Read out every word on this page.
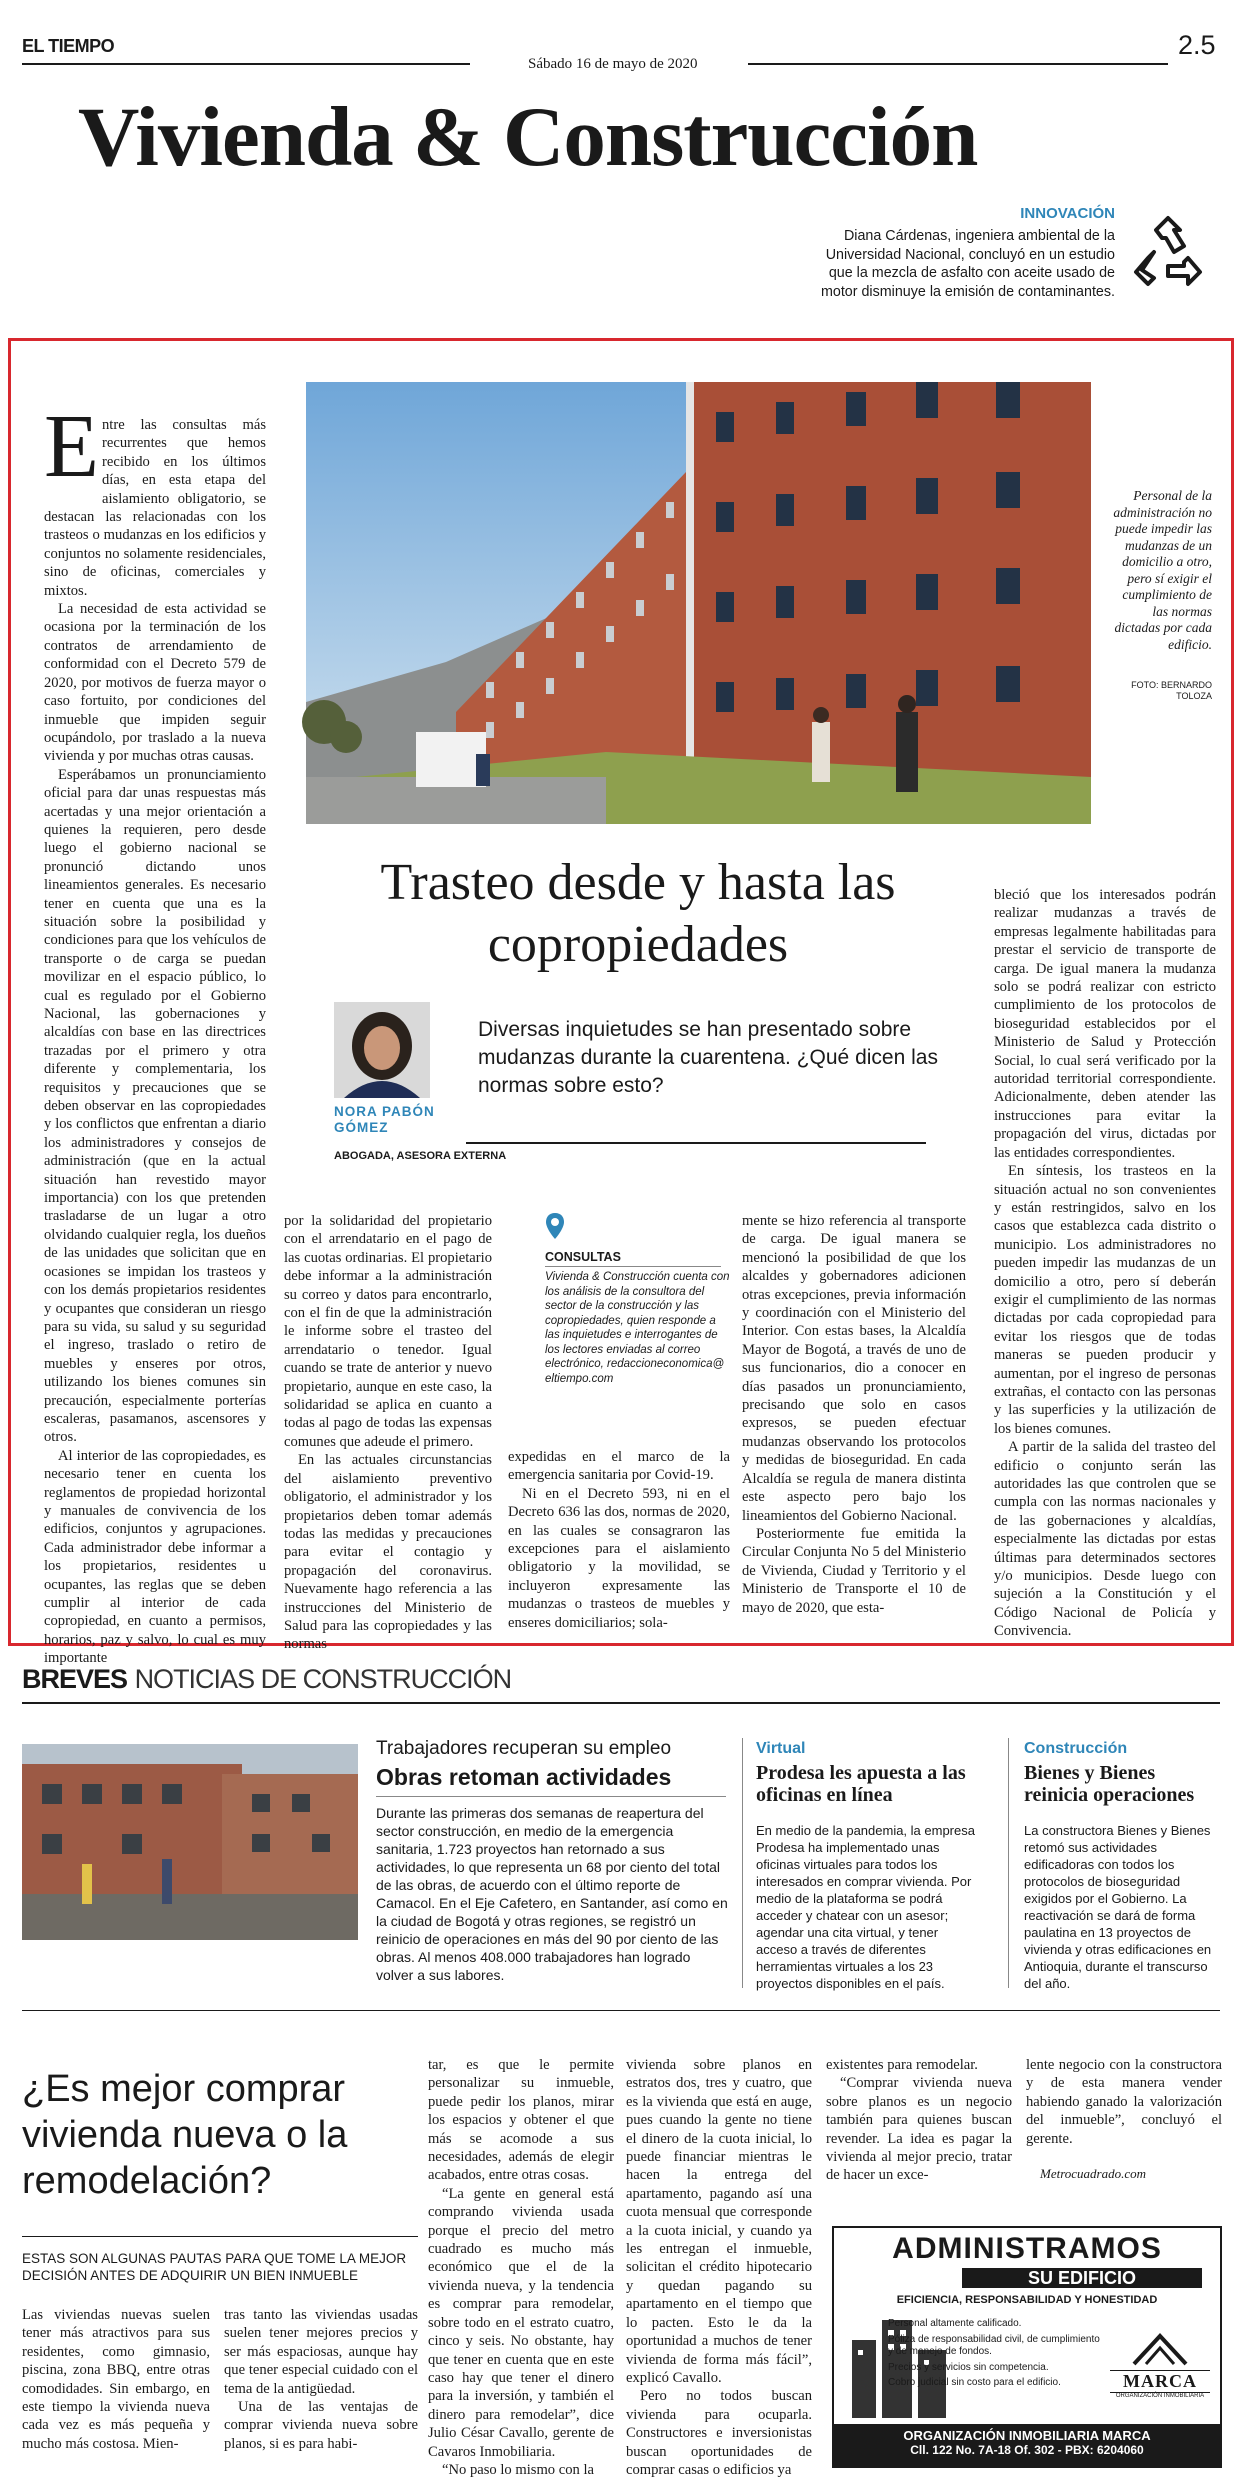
EL TIEMPO
Sábado 16 de mayo de 2020
2.5
Vivienda & Construcción
INNOVACIÓN
Diana Cárdenas, ingeniera ambiental de la Universidad Nacional, concluyó en un estudio que la mezcla de asfalto con aceite usado de motor disminuye la emisión de contaminantes.
E ntre las consultas más recurrentes que hemos recibido en los últimos días, en esta etapa del aislamiento obligatorio, se destacan las relacionadas con los trasteos o mudanzas en los edificios y conjuntos no solamente residenciales, sino de oficinas, comerciales y mixtos.

La necesidad de esta actividad se ocasiona por la terminación de los contratos de arrendamiento de conformidad con el Decreto 579 de 2020, por motivos de fuerza mayor o caso fortuito, por condiciones del inmueble que impiden seguir ocupándolo, por traslado a la nueva vivienda y por muchas otras causas.

Esperábamos un pronunciamiento oficial para dar unas respuestas más acertadas y una mejor orientación a quienes la requieren, pero desde luego el gobierno nacional se pronunció dictando unos lineamientos generales. Es necesario tener en cuenta que una es la situación sobre la posibilidad y condiciones para que los vehículos de transporte o de carga se puedan movilizar en el espacio público, lo cual es regulado por el Gobierno Nacional, las gobernaciones y alcaldías con base en las directrices trazadas por el primero y otra diferente y complementaria, los requisitos y precauciones que se deben observar en las copropiedades y los conflictos que enfrentan a diario los administradores y consejos de administración (que en la actual situación han revestido mayor importancia) con los que pretenden trasladarse de un lugar a otro olvidando cualquier regla, los dueños de las unidades que solicitan que en ocasiones se impidan los trasteos y con los demás propietarios residentes y ocupantes que consideran un riesgo para su vida, su salud y su seguridad el ingreso, traslado o retiro de muebles y enseres por otros, utilizando los bienes comunes sin precaución, especialmente porterías escaleras, pasamanos, ascensores y otros.

Al interior de las copropiedades, es necesario tener en cuenta los reglamentos de propiedad horizontal y manuales de convivencia de los edificios, conjuntos y agrupaciones. Cada administrador debe informar a los propietarios, residentes u ocupantes, las reglas que se deben cumplir al interior de cada copropiedad, en cuanto a permisos, horarios, paz y salvo, lo cual es muy importante

Personal de la administración no puede impedir las mudanzas de un domicilio a otro, pero sí exigir el cumplimiento de las normas dictadas por cada edificio.
FOTO: BERNARDO TOLOZA
Trasteo desde y hasta las copropiedades
NORA PABÓN GÓMEZ
ABOGADA, ASESORA EXTERNA
Diversas inquietudes se han presentado sobre mudanzas durante la cuarentena. ¿Qué dicen las normas sobre esto?

por la solidaridad del propietario con el arrendatario en el pago de las cuotas ordinarias. El propietario debe informar a la administración su correo y datos para encontrarlo, con el fin de que la administración le informe sobre el trasteo del arrendatario o tenedor. Igual cuando se trate de anterior y nuevo propietario, aunque en este caso, la solidaridad se aplica en cuanto a todas al pago de todas las expensas comunes que adeude el primero.

En las actuales circunstancias del aislamiento preventivo obligatorio, el administrador y los propietarios deben tomar además todas las medidas y precauciones para evitar el contagio y propagación del coronavirus. Nuevamente hago referencia a las instrucciones del Ministerio de Salud para las copropiedades y las normas

CONSULTAS
Vivienda & Construcción cuenta con los análisis de la consultora del sector de la construcción y las copropiedades, quien responde a las inquietudes e interrogantes de los lectores enviadas al correo electrónico, redaccioneconomica@ eltiempo.com

expedidas en el marco de la emergencia sanitaria por Covid-19.

Ni en el Decreto 593, ni en el Decreto 636 las dos, normas de 2020, en las cuales se consagraron las excepciones para el aislamiento obligatorio y la movilidad, se incluyeron expresamente las mudanzas o trasteos de muebles y enseres domiciliarios; sola-

mente se hizo referencia al transporte de carga. De igual manera se mencionó la posibilidad de que los alcaldes y gobernadores adicionen otras excepciones, previa información y coordinación con el Ministerio del Interior. Con estas bases, la Alcaldía Mayor de Bogotá, a través de uno de sus funcionarios, dio a conocer en días pasados un pronunciamiento, precisando que solo en casos expresos, se pueden efectuar mudanzas observando los protocolos y medidas de bioseguridad. En cada Alcaldía se regula de manera distinta este aspecto pero bajo los lineamientos del Gobierno Nacional.

Posteriormente fue emitida la Circular Conjunta No 5 del Ministerio de Vivienda, Ciudad y Territorio y el Ministerio de Transporte el 10 de mayo de 2020, que esta-

bleció que los interesados podrán realizar mudanzas a través de empresas legalmente habilitadas para prestar el servicio de transporte de carga. De igual manera la mudanza solo se podrá realizar con estricto cumplimiento de los protocolos de bioseguridad establecidos por el Ministerio de Salud y Protección Social, lo cual será verificado por la autoridad territorial correspondiente. Adicionalmente, deben atender las instrucciones para evitar la propagación del virus, dictadas por las entidades correspondientes.

En síntesis, los trasteos en la situación actual no son convenientes y están restringidos, salvo en los casos que establezca cada distrito o municipio. Los administradores no pueden impedir las mudanzas de un domicilio a otro, pero sí deberán exigir el cumplimiento de las normas dictadas por cada copropiedad para evitar los riesgos que de todas maneras se pueden producir y aumentan, por el ingreso de personas extrañas, el contacto con las personas y las superficies y la utilización de los bienes comunes.

A partir de la salida del trasteo del edificio o conjunto serán las autoridades las que controlen que se cumpla con las normas nacionales y de las gobernaciones y alcaldías, especialmente las dictadas por estas últimas para determinados sectores y/o municipios. Desde luego con sujeción a la Constitución y el Código Nacional de Policía y Convivencia.

BREVES NOTICIAS DE CONSTRUCCIÓN
Trabajadores recuperan su empleo
Obras retoman actividades
Durante las primeras dos semanas de reapertura del sector construcción, en medio de la emergencia sanitaria, 1.723 proyectos han retornado a sus actividades, lo que representa un 68 por ciento del total de las obras, de acuerdo con el último reporte de Camacol. En el Eje Cafetero, en Santander, así como en la ciudad de Bogotá y otras regiones, se registró un reinicio de operaciones en más del 90 por ciento de las obras. Al menos 408.000 trabajadores han logrado volver a sus labores.
Virtual
Prodesa les apuesta a las oficinas en línea
En medio de la pandemia, la empresa Prodesa ha implementado unas oficinas virtuales para todos los interesados en comprar vivienda. Por medio de la plataforma se podrá acceder y chatear con un asesor; agendar una cita virtual, y tener acceso a través de diferentes herramientas virtuales a los 23 proyectos disponibles en el país.
Construcción
Bienes y Bienes reinicia operaciones
La constructora Bienes y Bienes retomó sus actividades edificadoras con todos los protocolos de bioseguridad exigidos por el Gobierno. La reactivación se dará de forma paulatina en 13 proyectos de vivienda y otras edificaciones en Antioquia, durante el transcurso del año.
¿Es mejor comprar vivienda nueva o la remodelación?
ESTAS SON ALGUNAS PAUTAS PARA QUE TOME LA MEJOR DECISIÓN ANTES DE ADQUIRIR UN BIEN INMUEBLE

Las viviendas nuevas suelen tener más atractivos para sus residentes, como gimnasio, piscina, zona BBQ, entre otras comodidades. Sin embargo, en este tiempo la vivienda nueva cada vez es más pequeña y mucho más costosa. Mien-

tras tanto las viviendas usadas suelen tener mejores precios y ser más espaciosas, aunque hay que tener especial cuidado con el tema de la antigüedad.

Una de las ventajas de comprar vivienda nueva sobre planos, si es para habi-

tar, es que le permite personalizar su inmueble, puede pedir los planos, mirar los espacios y obtener el que más se acomode a sus necesidades, además de elegir acabados, entre otras cosas.

“La gente en general está comprando vivienda usada porque el precio del metro cuadrado es mucho más económico que el de la vivienda nueva, y la tendencia es comprar para remodelar, sobre todo en el estrato cuatro, cinco y seis. No obstante, hay que tener en cuenta que en este caso hay que tener el dinero para la inversión, y también el dinero para remodelar”, dice Julio César Cavallo, gerente de Cavaros Inmobiliaria.

“No paso lo mismo con la

vivienda sobre planos en estratos dos, tres y cuatro, que es la vivienda que está en auge, pues cuando la gente no tiene el dinero de la cuota inicial, lo puede financiar mientras le hacen la entrega del apartamento, pagando así una cuota mensual que corresponde a la cuota inicial, y cuando ya les entregan el inmueble, solicitan el crédito hipotecario y quedan pagando su apartamento en el tiempo que lo pacten. Esto le da la oportunidad a muchos de tener vivienda de forma más fácil”, explicó Cavallo.

Pero no todos buscan vivienda para ocuparla. Constructores e inversionistas buscan oportunidades de comprar casas o edificios ya

existentes para remodelar.

“Comprar vivienda nueva sobre planos es un negocio también para quienes buscan revender. La idea es pagar la vivienda al mejor precio, tratar de hacer un exce-

lente negocio con la constructora y de esta manera vender habiendo ganado la valorización del inmueble”, concluyó el gerente.

Metrocuadrado.com
ADMINISTRAMOS
SU EDIFICIO
EFICIENCIA, RESPONSABILIDAD Y HONESTIDAD
Personal altamente calificado.
Póliza de responsabilidad civil, de cumplimiento y de manejo de fondos.
Precios y servicios sin competencia.
Cobro judicial sin costo para el edificio.	MARCA
ORGANIZACIÓN INMOBILIARIA
ORGANIZACIÓN INMOBILIARIA MARCA
Cll. 122 No. 7A-18 Of. 302 - PBX: 6204060
